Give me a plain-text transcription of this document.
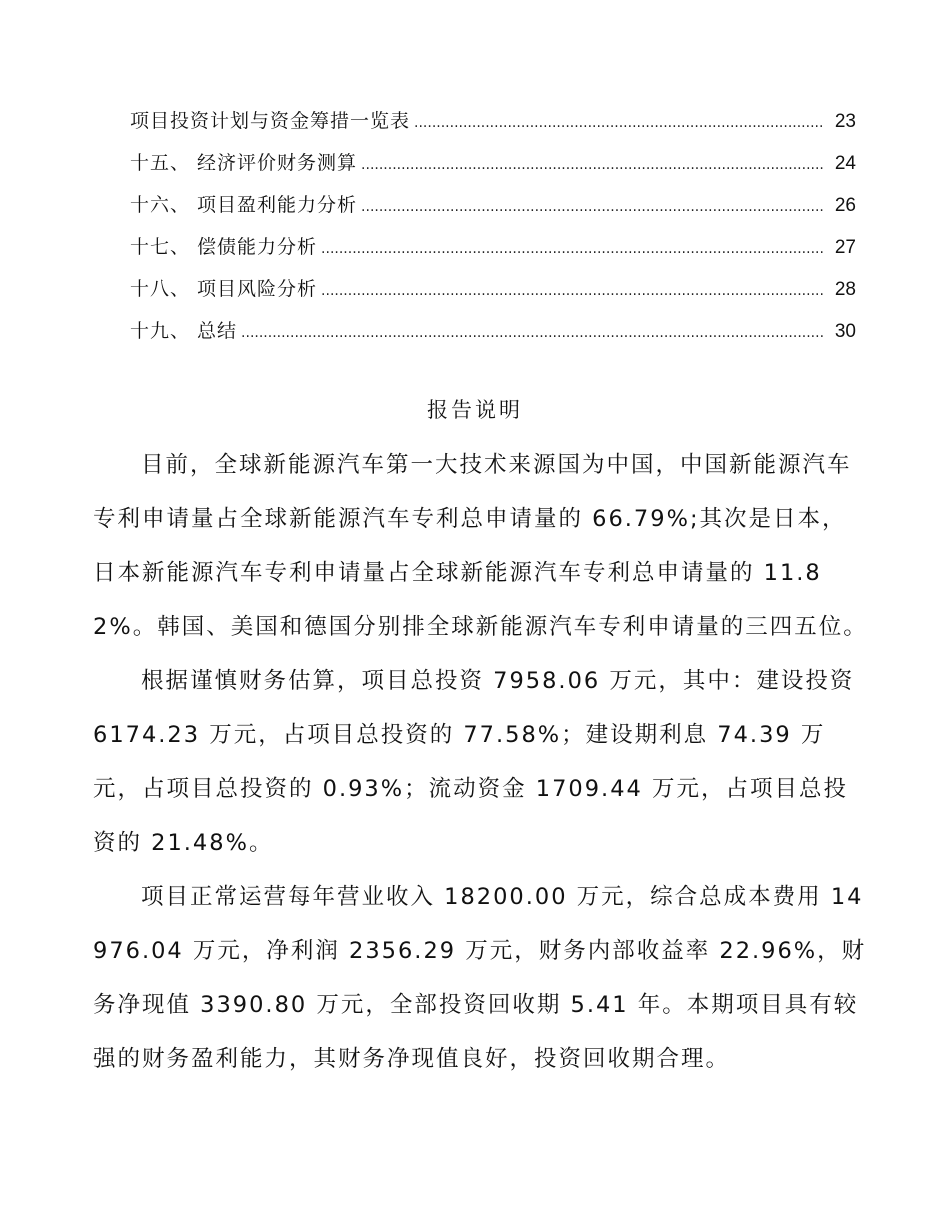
项目投资计划与资金筹措一览表 .....	23
十五、 经济评价财务测算 .....	24
十六、 项目盈利能力分析 .....	26
十七、 偿债能力分析 .....	27
十八、 项目风险分析 .....	28
十九、 总结 .....	30
报告说明

目前，全球新能源汽车第一大技术来源国为中国，中国新能源汽车专利申请量占全球新能源汽车专利总申请量的 66.79%;其次是日本，日本新能源汽车专利申请量占全球新能源汽车专利总申请量的 11.82%。韩国、美国和德国分别排全球新能源汽车专利申请量的三四五位。

根据谨慎财务估算，项目总投资 7958.06 万元，其中：建设投资 6174.23 万元，占项目总投资的 77.58%；建设期利息 74.39 万元，占项目总投资的 0.93%；流动资金 1709.44 万元，占项目总投资的 21.48%。

项目正常运营每年营业收入 18200.00 万元，综合总成本费用 14976.04 万元，净利润 2356.29 万元，财务内部收益率 22.96%，财务净现值 3390.80 万元，全部投资回收期 5.41 年。本期项目具有较强的财务盈利能力，其财务净现值良好，投资回收期合理。
